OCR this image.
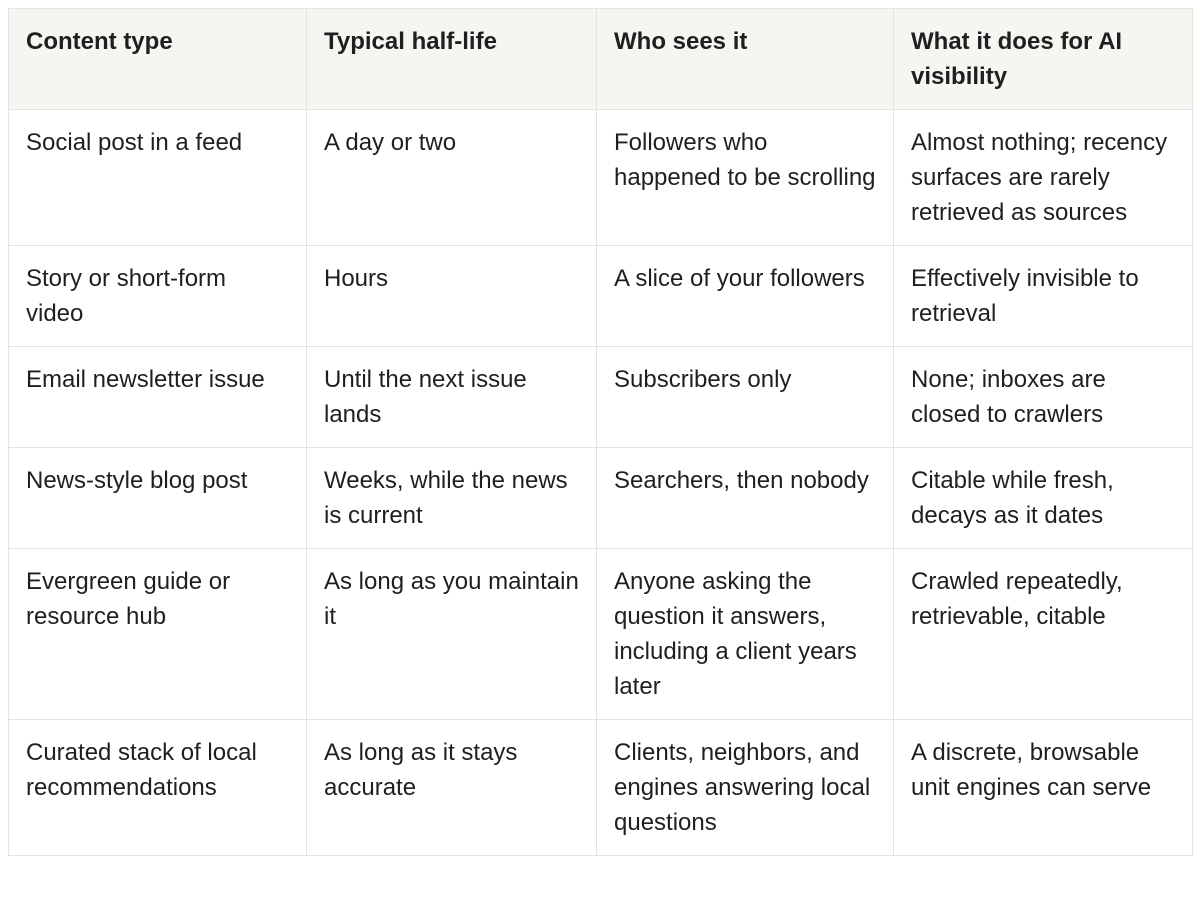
Content type	Typical half-life	Who sees it	What it does for AI visibility
Social post in a feed	A day or two	Followers who happened to be scrolling	Almost nothing; recency surfaces are rarely retrieved as sources
Story or short-form video	Hours	A slice of your followers	Effectively invisible to retrieval
Email newsletter issue	Until the next issue lands	Subscribers only	None; inboxes are closed to crawlers
News-style blog post	Weeks, while the news is current	Searchers, then nobody	Citable while fresh, decays as it dates
Evergreen guide or resource hub	As long as you maintain it	Anyone asking the question it answers, including a client years later	Crawled repeatedly, retrievable, citable
Curated stack of local recommendations	As long as it stays accurate	Clients, neighbors, and engines answering local questions	A discrete, browsable unit engines can serve
